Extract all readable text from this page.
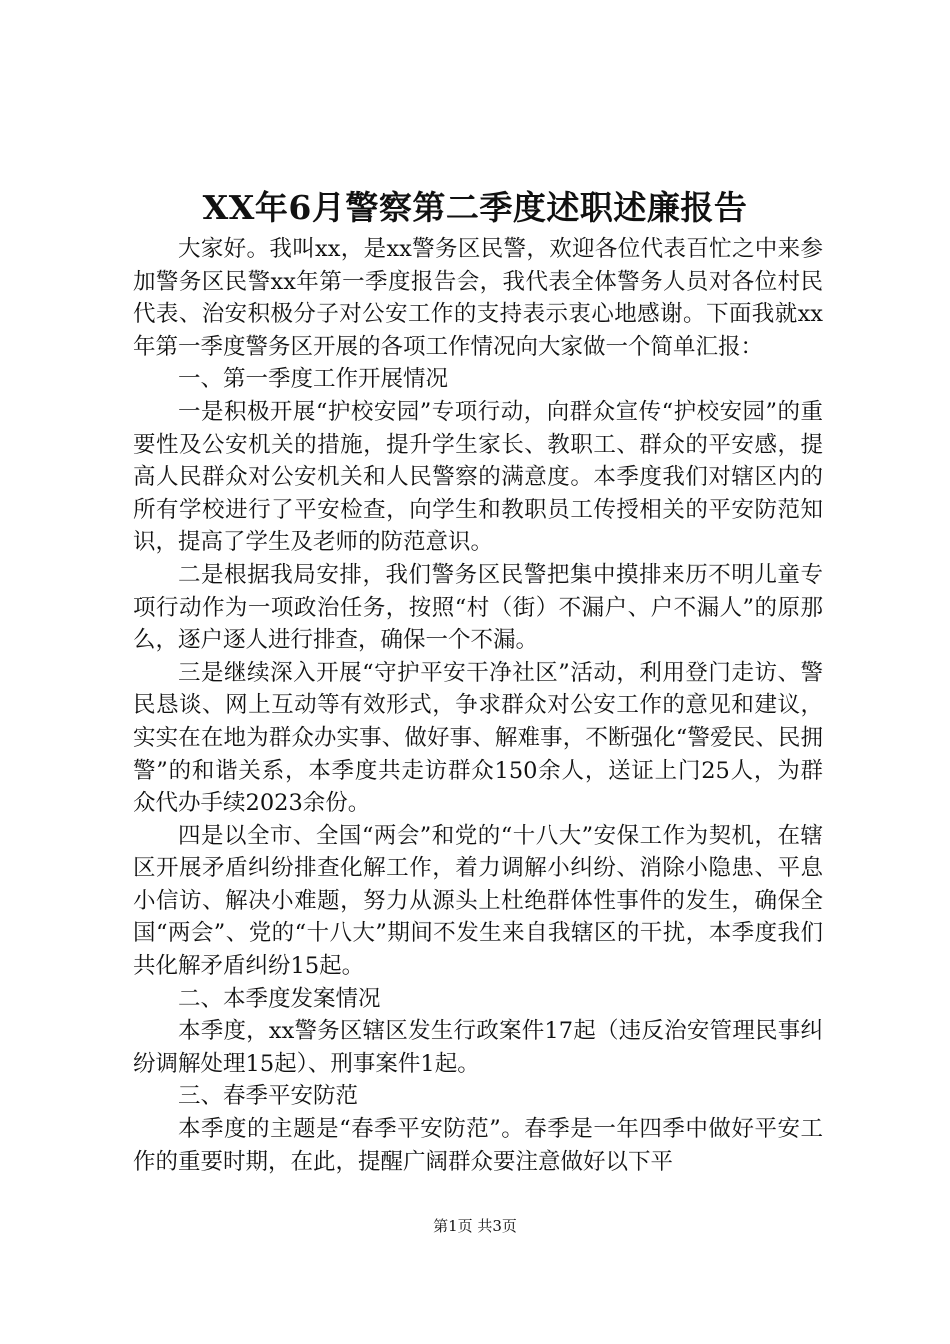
XX年6月警察第二季度述职述廉报告

大家好。我叫xx，是xx警务区民警，欢迎各位代表百忙之中来参加警务区民警xx年第一季度报告会，我代表全体警务人员对各位村民代表、治安积极分子对公安工作的支持表示衷心地感谢。下面我就xx年第一季度警务区开展的各项工作情况向大家做一个简单汇报：

一、第一季度工作开展情况

一是积极开展“护校安园”专项行动，向群众宣传“护校安园”的重要性及公安机关的措施，提升学生家长、教职工、群众的平安感，提高人民群众对公安机关和人民警察的满意度。本季度我们对辖区内的所有学校进行了平安检查，向学生和教职员工传授相关的平安防范知识，提高了学生及老师的防范意识。

二是根据我局安排，我们警务区民警把集中摸排来历不明儿童专项行动作为一项政治任务，按照“村（街）不漏户、户不漏人”的原那么，逐户逐人进行排查，确保一个不漏。

三是继续深入开展“守护平安干净社区”活动，利用登门走访、警民恳谈、网上互动等有效形式，争求群众对公安工作的意见和建议，实实在在地为群众办实事、做好事、解难事，不断强化“警爱民、民拥警”的和谐关系，本季度共走访群众150余人，送证上门25人，为群众代办手续2023余份。

四是以全市、全国“两会”和党的“十八大”安保工作为契机，在辖区开展矛盾纠纷排查化解工作，着力调解小纠纷、消除小隐患、平息小信访、解决小难题，努力从源头上杜绝群体性事件的发生，确保全国“两会”、党的“十八大”期间不发生来自我辖区的干扰，本季度我们共化解矛盾纠纷15起。

二、本季度发案情况

本季度，xx警务区辖区发生行政案件17起（违反治安管理民事纠纷调解处理15起）、刑事案件1起。

三、春季平安防范

本季度的主题是“春季平安防范”。春季是一年四季中做好平安工作的重要时期，在此，提醒广阔群众要注意做好以下平

第1页 共3页
